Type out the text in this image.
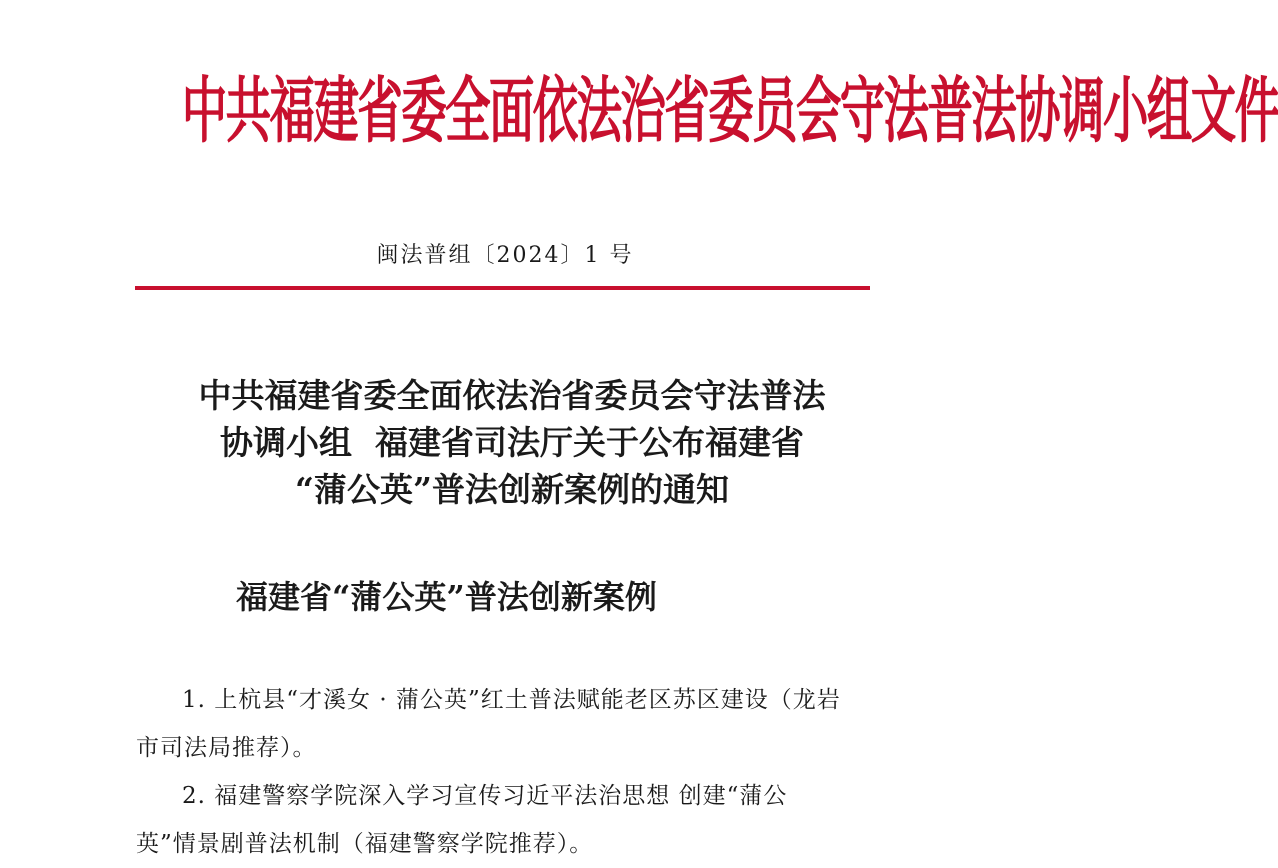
中共福建省委全面依法治省委员会守法普法协调小组文件
闽法普组〔2024〕1 号
中共福建省委全面依法治省委员会守法普法
协调小组  福建省司法厅关于公布福建省
“蒲公英”普法创新案例的通知
福建省“蒲公英”普法创新案例

1. 上杭县“才溪女 · 蒲公英”红土普法赋能老区苏区建设（龙岩市司法局推荐）。

2. 福建警察学院深入学习宣传习近平法治思想 创建“蒲公英”情景剧普法机制（福建警察学院推荐）。
